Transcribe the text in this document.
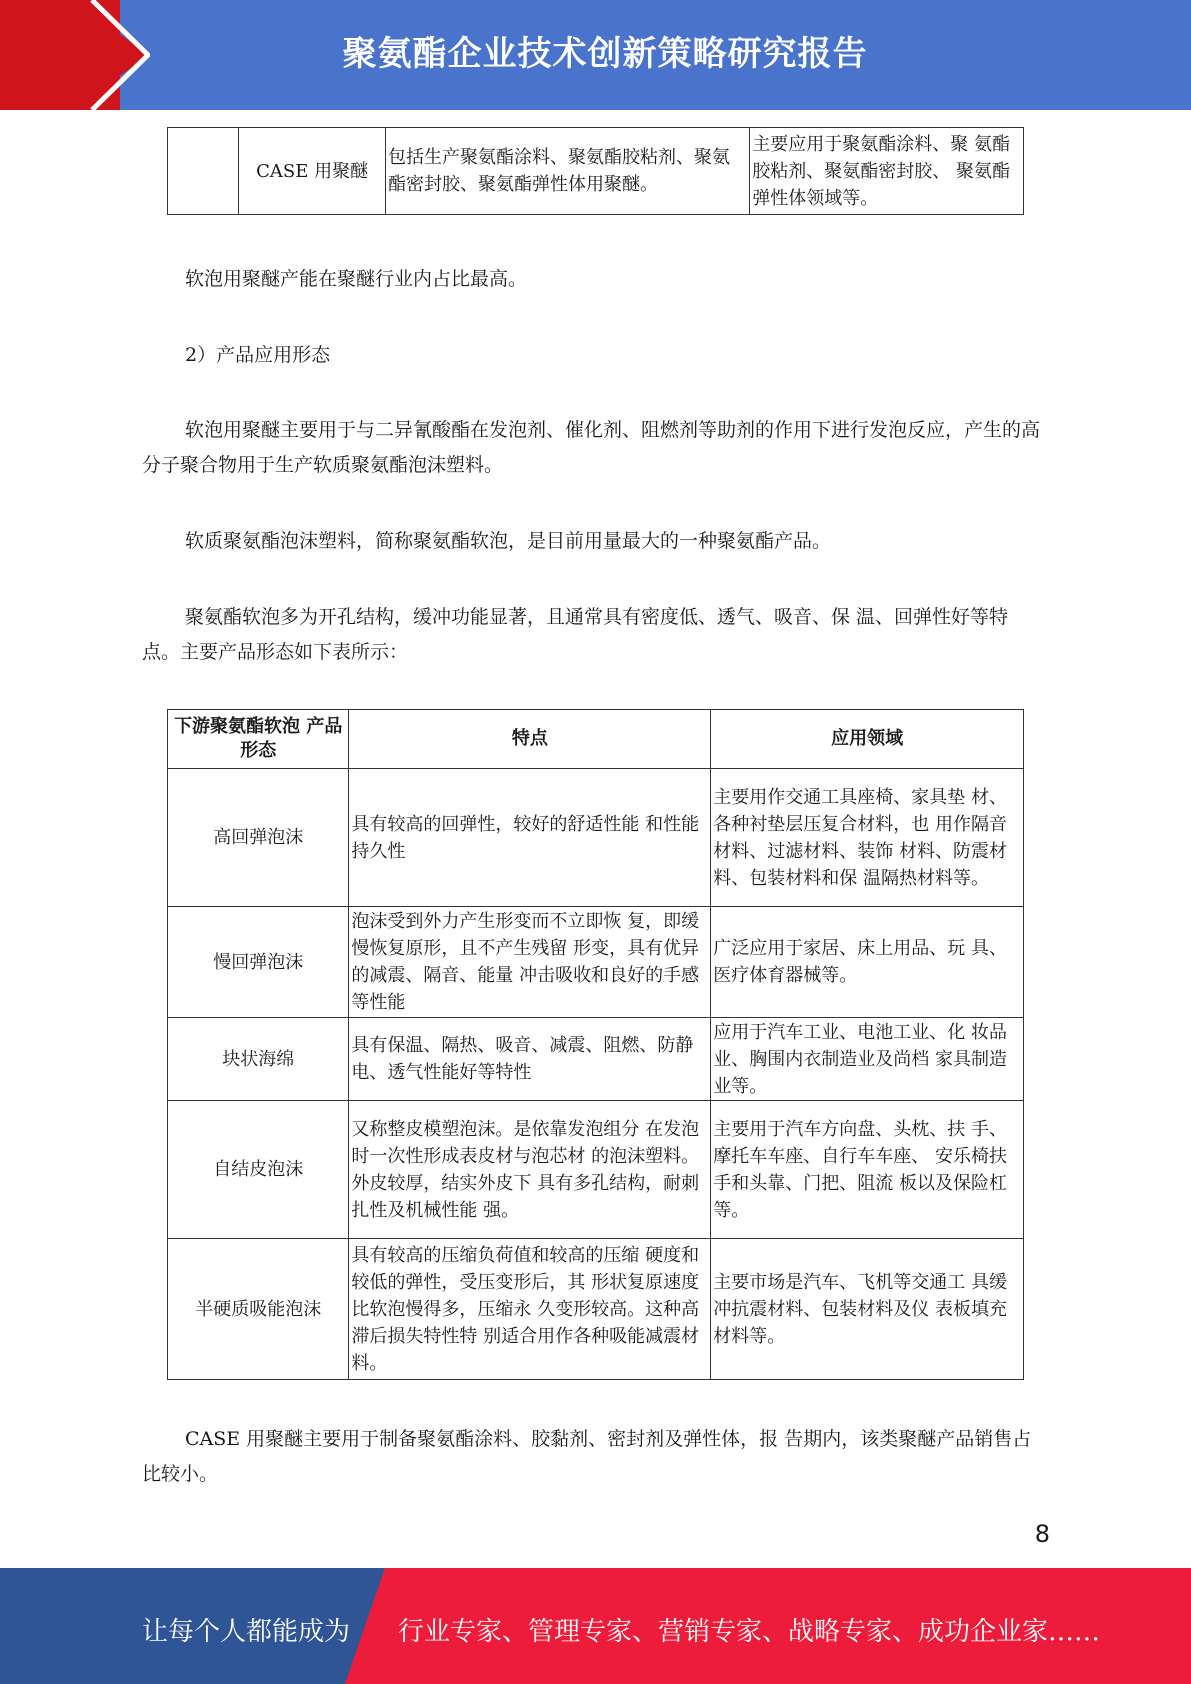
聚氨酯企业技术创新策略研究报告
	CASE 用聚醚	包括生产聚氨酯涂料、聚氨酯胶粘剂、聚氨酯密封胶、聚氨酯弹性体用聚醚。	主要应用于聚氨酯涂料、聚 氨酯胶粘剂、聚氨酯密封胶、 聚氨酯弹性体领域等。

软泡用聚醚产能在聚醚行业内占比最高。

2）产品应用形态

软泡用聚醚主要用于与二异氰酸酯在发泡剂、催化剂、阻燃剂等助剂的作用下进行发泡反应，产生的高分子聚合物用于生产软质聚氨酯泡沫塑料。

软质聚氨酯泡沫塑料，简称聚氨酯软泡，是目前用量最大的一种聚氨酯产品。

聚氨酯软泡多为开孔结构，缓冲功能显著，且通常具有密度低、透气、吸音、保 温、回弹性好等特点。主要产品形态如下表所示：

下游聚氨酯软泡 产品形态	特点	应用领域
高回弹泡沫	具有较高的回弹性，较好的舒适性能 和性能持久性	主要用作交通工具座椅、家具垫 材、各种衬垫层压复合材料，也 用作隔音材料、过滤材料、装饰 材料、防震材料、包装材料和保 温隔热材料等。
慢回弹泡沫	泡沫受到外力产生形变而不立即恢 复，即缓慢恢复原形，且不产生残留 形变，具有优异的减震、隔音、能量 冲击吸收和良好的手感等性能	广泛应用于家居、床上用品、玩 具、医疗体育器械等。
块状海绵	具有保温、隔热、吸音、减震、阻燃、防静电、透气性能好等特性	应用于汽车工业、电池工业、化 妆品业、胸围内衣制造业及尚档 家具制造业等。
自结皮泡沫	又称整皮模塑泡沫。是依靠发泡组分 在发泡时一次性形成表皮材与泡芯材 的泡沫塑料。外皮较厚，结实外皮下 具有多孔结构，耐刺扎性及机械性能 强。	主要用于汽车方向盘、头枕、扶 手、摩托车车座、自行车车座、 安乐椅扶手和头靠、门把、阻流 板以及保险杠等。
半硬质吸能泡沫	具有较高的压缩负荷值和较高的压缩 硬度和较低的弹性，受压变形后，其 形状复原速度比软泡慢得多，压缩永 久变形较高。这种高滞后损失特性特 别适合用作各种吸能减震材料。	主要市场是汽车、飞机等交通工 具缓冲抗震材料、包装材料及仪 表板填充材料等。

CASE 用聚醚主要用于制备聚氨酯涂料、胶黏剂、密封剂及弹性体，报 告期内，该类聚醚产品销售占比较小。

8
让每个人都能成为 行业专家、管理专家、营销专家、战略专家、成功企业家……
